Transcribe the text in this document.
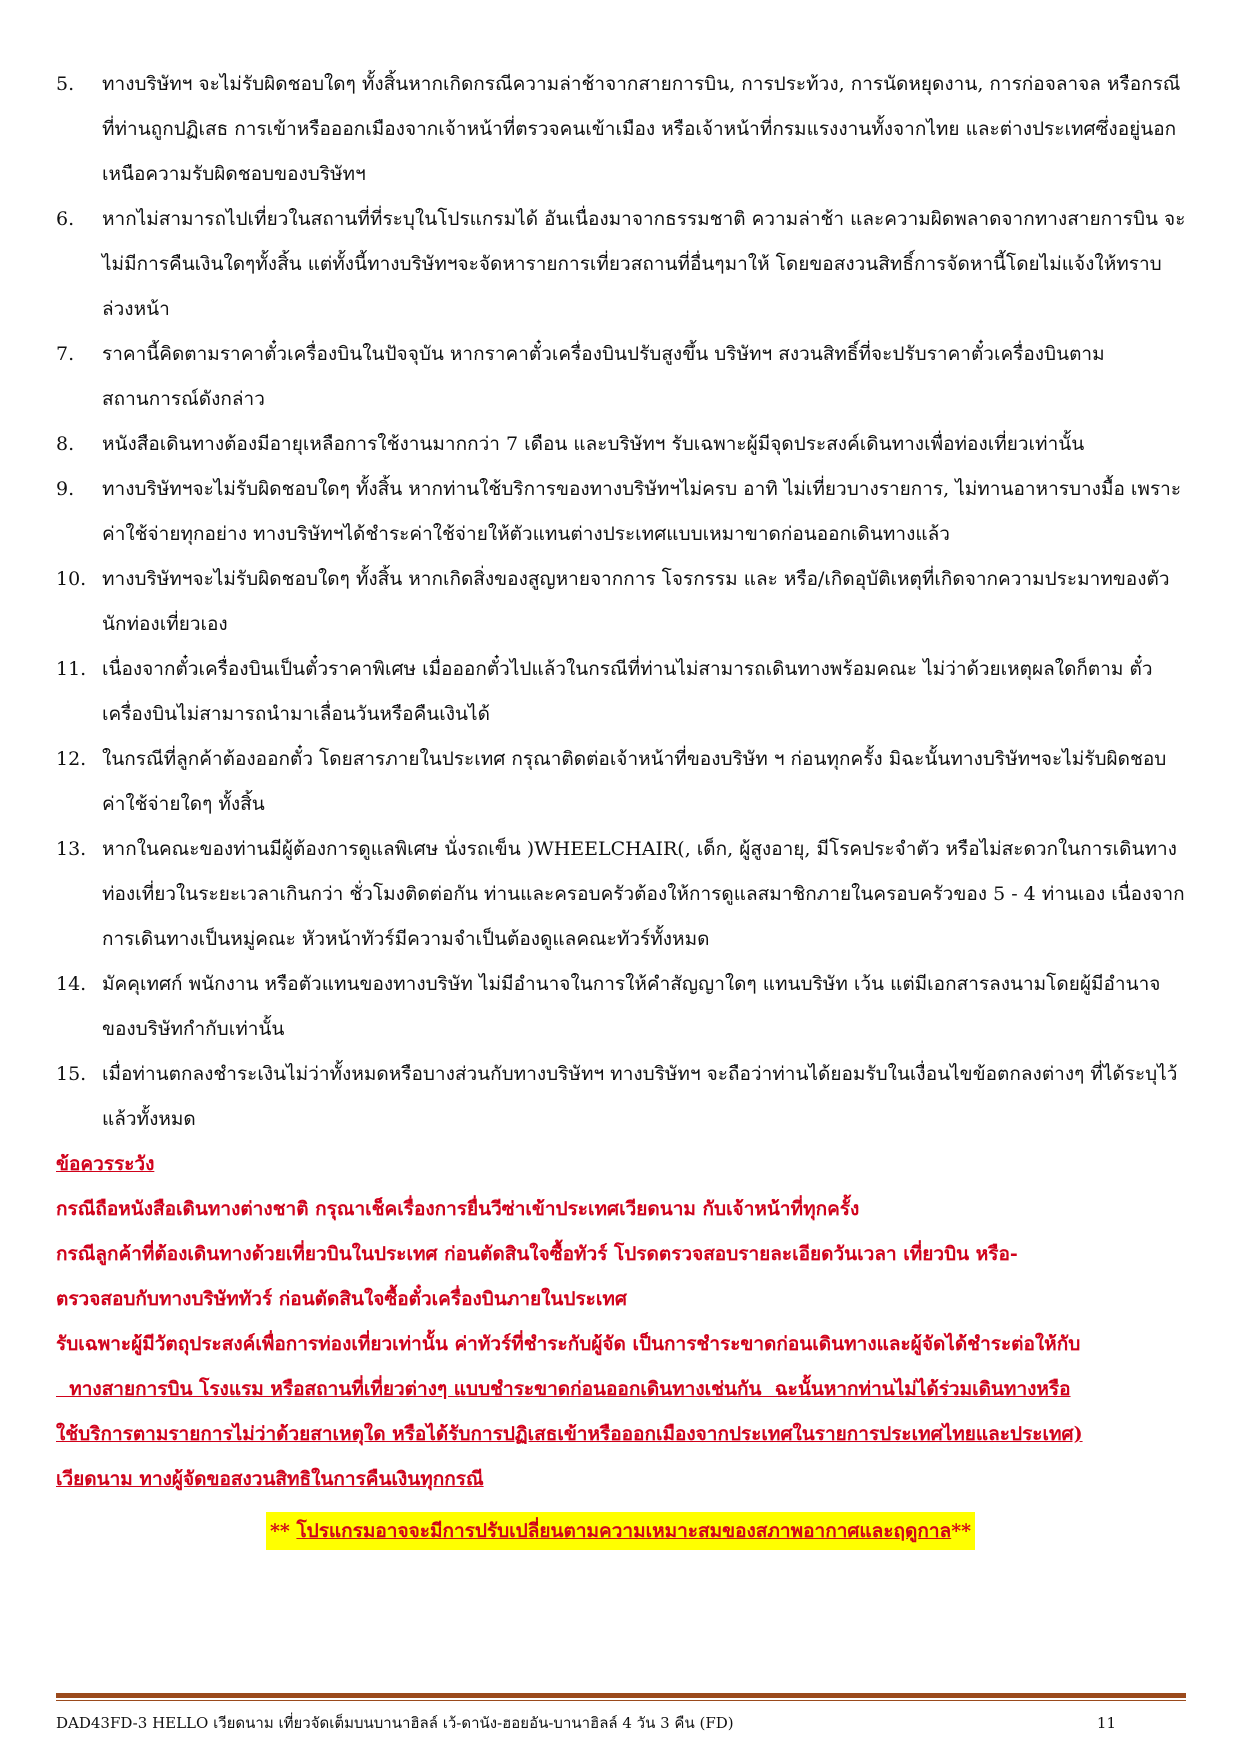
5.	ทางบริษัทฯ จะไม่รับผิดชอบใดๆ ทั้งสิ้นหากเกิดกรณีความล่าช้าจากสายการบิน, การประท้วง, การนัดหยุดงาน, การก่อจลาจล หรือกรณีที่ท่านถูกปฏิเสธ การเข้าหรือออกเมืองจากเจ้าหน้าที่ตรวจคนเข้าเมือง หรือเจ้าหน้าที่กรมแรงงานทั้งจากไทย และต่างประเทศซึ่งอยู่นอกเหนือความรับผิดชอบของบริษัทฯ
6.	หากไม่สามารถไปเที่ยวในสถานที่ที่ระบุในโปรแกรมได้ อันเนื่องมาจากธรรมชาติ ความล่าช้า และความผิดพลาดจากทางสายการบิน จะไม่มีการคืนเงินใดๆทั้งสิ้น แต่ทั้งนี้ทางบริษัทฯจะจัดหารายการเที่ยวสถานที่อื่นๆมาให้ โดยขอสงวนสิทธิ์การจัดหานี้โดยไม่แจ้งให้ทราบล่วงหน้า
7.	ราคานี้คิดตามราคาตั๋วเครื่องบินในปัจจุบัน หากราคาตั๋วเครื่องบินปรับสูงขึ้น บริษัทฯ สงวนสิทธิ์ที่จะปรับราคาตั๋วเครื่องบินตามสถานการณ์ดังกล่าว
8.	หนังสือเดินทางต้องมีอายุเหลือการใช้งานมากกว่า 7 เดือน และบริษัทฯ รับเฉพาะผู้มีจุดประสงค์เดินทางเพื่อท่องเที่ยวเท่านั้น
9.	ทางบริษัทฯจะไม่รับผิดชอบใดๆ ทั้งสิ้น หากท่านใช้บริการของทางบริษัทฯไม่ครบ อาทิ ไม่เที่ยวบางรายการ, ไม่ทานอาหารบางมื้อ เพราะค่าใช้จ่ายทุกอย่าง ทางบริษัทฯได้ชำระค่าใช้จ่ายให้ตัวแทนต่างประเทศแบบเหมาขาดก่อนออกเดินทางแล้ว
10. ทางบริษัทฯจะไม่รับผิดชอบใดๆ ทั้งสิ้น หากเกิดสิ่งของสูญหายจากการ โจรกรรม และ หรือ/เกิดอุบัติเหตุที่เกิดจากความประมาทของตัวนักท่องเที่ยวเอง
11. เนื่องจากตั๋วเครื่องบินเป็นตั๋วราคาพิเศษ เมื่อออกตั๋วไปแล้วในกรณีที่ท่านไม่สามารถเดินทางพร้อมคณะ ไม่ว่าด้วยเหตุผลใดก็ตาม ตั๋วเครื่องบินไม่สามารถนำมาเลื่อนวันหรือคืนเงินได้
12. ในกรณีที่ลูกค้าต้องออกตั๋ว โดยสารภายในประเทศ กรุณาติดต่อเจ้าหน้าที่ของบริษัท ฯ ก่อนทุกครั้ง มิฉะนั้นทางบริษัทฯจะไม่รับผิดชอบค่าใช้จ่ายใดๆ ทั้งสิ้น
13. หากในคณะของท่านมีผู้ต้องการดูแลพิเศษ นั่งรถเข็น )WHEELCHAIR(, เด็ก, ผู้สูงอายุ, มีโรคประจำตัว หรือไม่สะดวกในการเดินทางท่องเที่ยวในระยะเวลาเกินกว่า ชั่วโมงติดต่อกัน ท่านและครอบครัวต้องให้การดูแลสมาชิกภายในครอบครัวของ 5 - 4 ท่านเอง เนื่องจากการเดินทางเป็นหมู่คณะ หัวหน้าทัวร์มีความจำเป็นต้องดูแลคณะทัวร์ทั้งหมด
14. มัคคุเทศก์ พนักงาน หรือตัวแทนของทางบริษัท ไม่มีอำนาจในการให้คำสัญญาใดๆ แทนบริษัท เว้น แต่มีเอกสารลงนามโดยผู้มีอำนาจของบริษัทกำกับเท่านั้น
15. เมื่อท่านตกลงชำระเงินไม่ว่าทั้งหมดหรือบางส่วนกับทางบริษัทฯ ทางบริษัทฯ จะถือว่าท่านได้ยอมรับในเงื่อนไขข้อตกลงต่างๆ ที่ได้ระบุไว้แล้วทั้งหมด

ข้อควรระวัง

กรณีถือหนังสือเดินทางต่างชาติ กรุณาเช็คเรื่องการยื่นวีซ่าเข้าประเทศเวียดนาม กับเจ้าหน้าที่ทุกครั้ง

กรณีลูกค้าที่ต้องเดินทางด้วยเที่ยวบินในประเทศ ก่อนตัดสินใจซื้อทัวร์ โปรดตรวจสอบรายละเอียดวันเวลา เที่ยวบิน หรือ-

ตรวจสอบกับทางบริษัททัวร์ ก่อนตัดสินใจซื้อตั๋วเครื่องบินภายในประเทศ

รับเฉพาะผู้มีวัตถุประสงค์เพื่อการท่องเที่ยวเท่านั้น ค่าทัวร์ที่ชำระกับผู้จัด เป็นการชำระขาดก่อนเดินทางและผู้จัดได้ชำระต่อให้กับ

ทางสายการบิน โรงแรม หรือสถานที่เที่ยวต่างๆ แบบชำระขาดก่อนออกเดินทางเช่นกัน  ฉะนั้นหากท่านไม่ได้ร่วมเดินทางหรือ

ใช้บริการตามรายการไม่ว่าด้วยสาเหตุใด หรือได้รับการปฏิเสธเข้าหรือออกเมืองจากประเทศในรายการประเทศไทยและประเทศ)

เวียดนาม ทางผู้จัดขอสงวนสิทธิในการคืนเงินทุกกรณี

** โปรแกรมอาจจะมีการปรับเปลี่ยนตามความเหมาะสมของสภาพอากาศและฤดูกาล**
DAD43FD-3 HELLO เวียดนาม เที่ยวจัดเต็มบนบานาฮิลล์ เว้-ดานัง-ฮอยอัน-บานาฮิลล์ 4 วัน 3 คืน (FD)	11
